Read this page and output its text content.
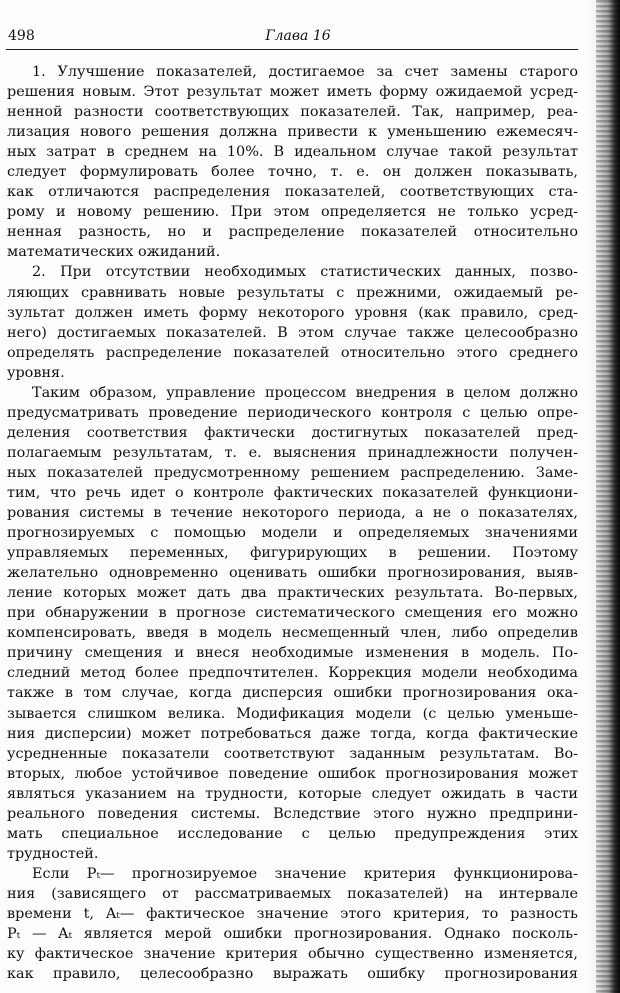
498	Глава 16
1. Улучшение показателей, достигаемое за счет замены старого
решения новым. Этот результат может иметь форму ожидаемой усред-
ненной разности соответствующих показателей. Так, например, реа-
лизация нового решения должна привести к уменьшению ежемесяч-
ных затрат в среднем на 10%. В идеальном случае такой результат
следует формулировать более точно, т. е. он должен показывать,
как отличаются распределения показателей, соответствующих ста-
рому и новому решению. При этом определяется не только усред-
ненная разность, но и распределение показателей относительно
математических ожиданий.
2. При отсутствии необходимых статистических данных, позво-
ляющих сравнивать новые результаты с прежними, ожидаемый ре-
зультат должен иметь форму некоторого уровня (как правило, сред-
него) достигаемых показателей. В этом случае также целесообразно
определять распределение показателей относительно этого среднего
уровня.
Таким образом, управление процессом внедрения в целом должно
предусматривать проведение периодического контроля с целью опре-
деления соответствия фактически достигнутых показателей пред-
полагаемым результатам, т. е. выяснения принадлежности получен-
ных показателей предусмотренному решением распределению. Заме-
тим, что речь идет о контроле фактических показателей функциони-
рования системы в течение некоторого периода, а не о показателях,
прогнозируемых с помощью модели и определяемых значениями
управляемых переменных, фигурирующих в решении. Поэтому
желательно одновременно оценивать ошибки прогнозирования, выяв-
ление которых может дать два практических результата. Во-первых,
при обнаружении в прогнозе систематического смещения его можно
компенсировать, введя в модель несмещенный член, либо определив
причину смещения и внеся необходимые изменения в модель. По-
следний метод более предпочтителен. Коррекция модели необходима
также в том случае, когда дисперсия ошибки прогнозирования ока-
зывается слишком велика. Модификация модели (с целью уменьше-
ния дисперсии) может потребоваться даже тогда, когда фактические
усредненные показатели соответствуют заданным результатам. Во-
вторых, любое устойчивое поведение ошибок прогнозирования может
являться указанием на трудности, которые следует ожидать в части
реального поведения системы. Вследствие этого нужно предприни-
мать специальное исследование с целью предупреждения этих
трудностей.
Если Pₜ— прогнозируемое значение критерия функционирова-
ния (зависящего от рассматриваемых показателей) на интервале
времени t, Aₜ— фактическое значение этого критерия, то разность
Pₜ — Aₜ является мерой ошибки прогнозирования. Однако посколь-
ку фактическое значение критерия обычно существенно изменяется,
как правило, целесообразно выражать ошибку прогнозирования
